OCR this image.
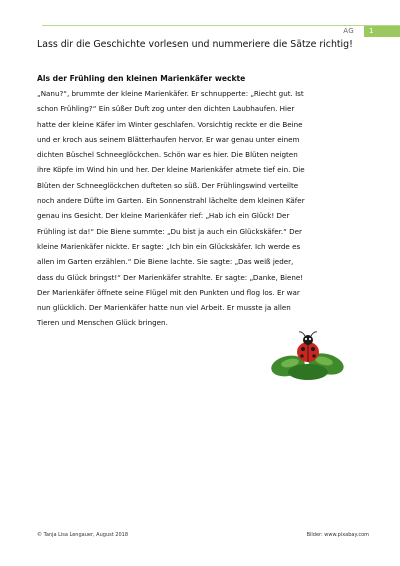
AG	1
Lass dir die Geschichte vorlesen und nummeriere die Sätze richtig!
Als der Frühling den kleinen Marienkäfer weckte

„Nanu?“, brummte der kleine Marienkäfer. Er schnupperte: „Riecht gut. Ist
schon Frühling?“ Ein süßer Duft zog unter den dichten Laubhaufen. Hier
hatte der kleine Käfer im Winter geschlafen. Vorsichtig reckte er die Beine
und er kroch aus seinem Blätterhaufen hervor. Er war genau unter einem
dichten Büschel Schneeglöckchen. Schön war es hier. Die Blüten neigten
ihre Köpfe im Wind hin und her. Der kleine Marienkäfer atmete tief ein. Die
Blüten der Schneeglöckchen dufteten so süß. Der Frühlingswind verteilte
noch andere Düfte im Garten. Ein Sonnenstrahl lächelte dem kleinen Käfer
genau ins Gesicht. Der kleine Marienkäfer rief: „Hab ich ein Glück! Der
Frühling ist da!“ Die Biene summte: „Du bist ja auch ein Glückskäfer.“ Der
kleine Marienkäfer nickte. Er sagte: „Ich bin ein Glückskäfer. Ich werde es
allen im Garten erzählen.“ Die Biene lachte. Sie sagte: „Das weiß jeder,
dass du Glück bringst!“ Der Marienkäfer strahlte. Er sagte: „Danke, Biene!
Der Marienkäfer öffnete seine Flügel mit den Punkten und flog los. Er war
nun glücklich. Der Marienkäfer hatte nun viel Arbeit. Er musste ja allen
Tieren und Menschen Glück bringen.

© Tanja Lisa Lengauer, August 2018	Bilder: www.pixabay.com
